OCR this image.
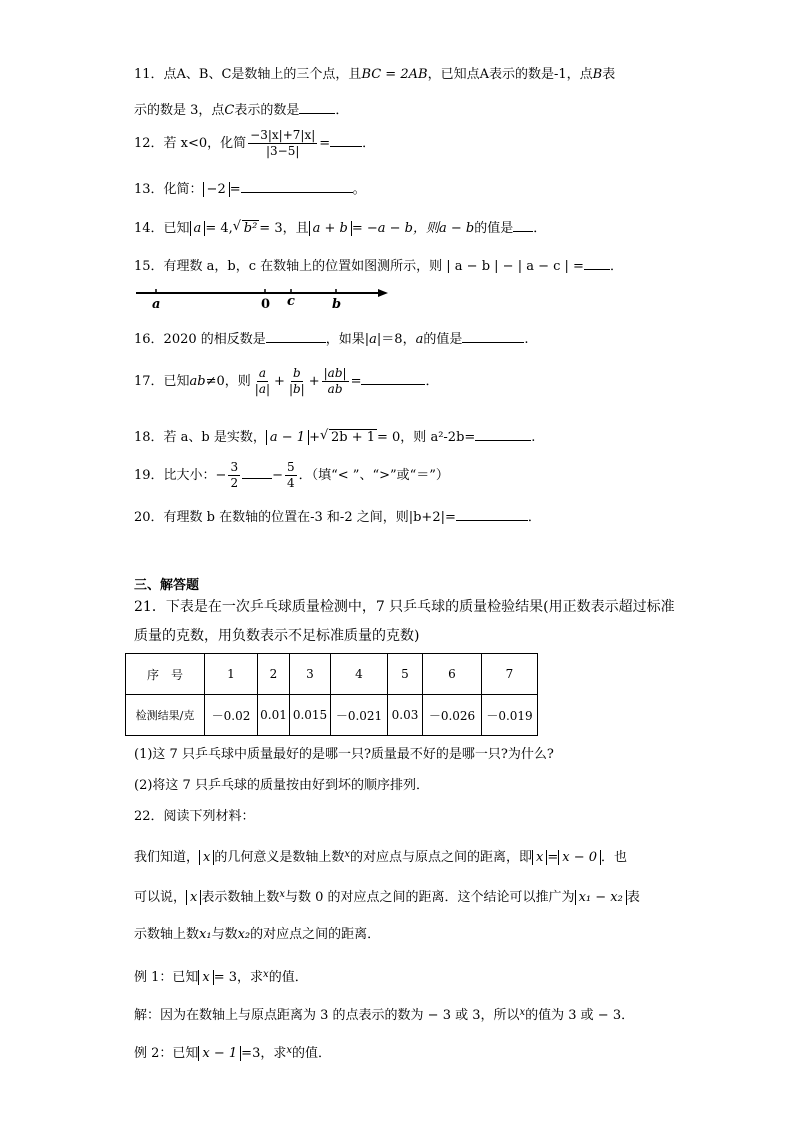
11．点A、B、C是数轴上的三个点，且BC = 2AB，已知点A表示的数是-1，点B表
示的数是 3，点C表示的数是	．
12．若 x<0，化简 $\frac{-3|x|+7|x|}{|3-5|}$ = ．
13．化简： −2 =	。
14．已知 a = 4, √ b² = 3，且 a + b = −a − b，则a − b的值是 ．
15．有理数 a，b，c 在数轴上的位置如图测所示，则 | a − b | − | a − c | = ．
a	0 c	b
16．2020 的相反数是	，如果|a|＝8，a的值是	.
17．已知ab≠0，则 $\frac{a}{|a|} + \frac{b}{|b|} + \frac{|ab|}{ab}$ =	．
18．若 a、b 是实数， a − 1 + √ 2b + 1 = 0，则 a²-2b=	.
19．比大小：− $\frac{3}{2} - \frac{5}{4}$ ．（填“< ”、“>”或“＝”）
20．有理数 b 在数轴的位置在-3 和-2 之间，则|b+2|=	．
三、解答题
21．下表是在一次乒乓球质量检测中，7 只乒乓球的质量检验结果(用正数表示超过标准
质量的克数，用负数表示不足标准质量的克数)
序　号	1	2	3	4	5	6	7
检测结果/克	－0.02	0.01	0.015	－0.021	0.03	－0.026	－0.019
(1)这 7 只乒乓球中质量最好的是哪一只?质量最不好的是哪一只?为什么?
(2)将这 7 只乒乓球的质量按由好到坏的顺序排列．
22．阅读下列材料：
我们知道， x 的几何意义是数轴上数$^x$的对应点与原点之间的距离，即 x = x − 0 ．也
可以说， x 表示数轴上数$^x$与数 0 的对应点之间的距离．这个结论可以推广为 x₁ − x₂ 表
示数轴上数x₁与数x₂的对应点之间的距离．
例 1：已知 x = 3，求$^x$的值．
解：因为在数轴上与原点距离为 3 的点表示的数为 − 3 或 3，所以$^x$的值为 3 或 − 3．
例 2：已知 x − 1 =3，求$^x$的值．
